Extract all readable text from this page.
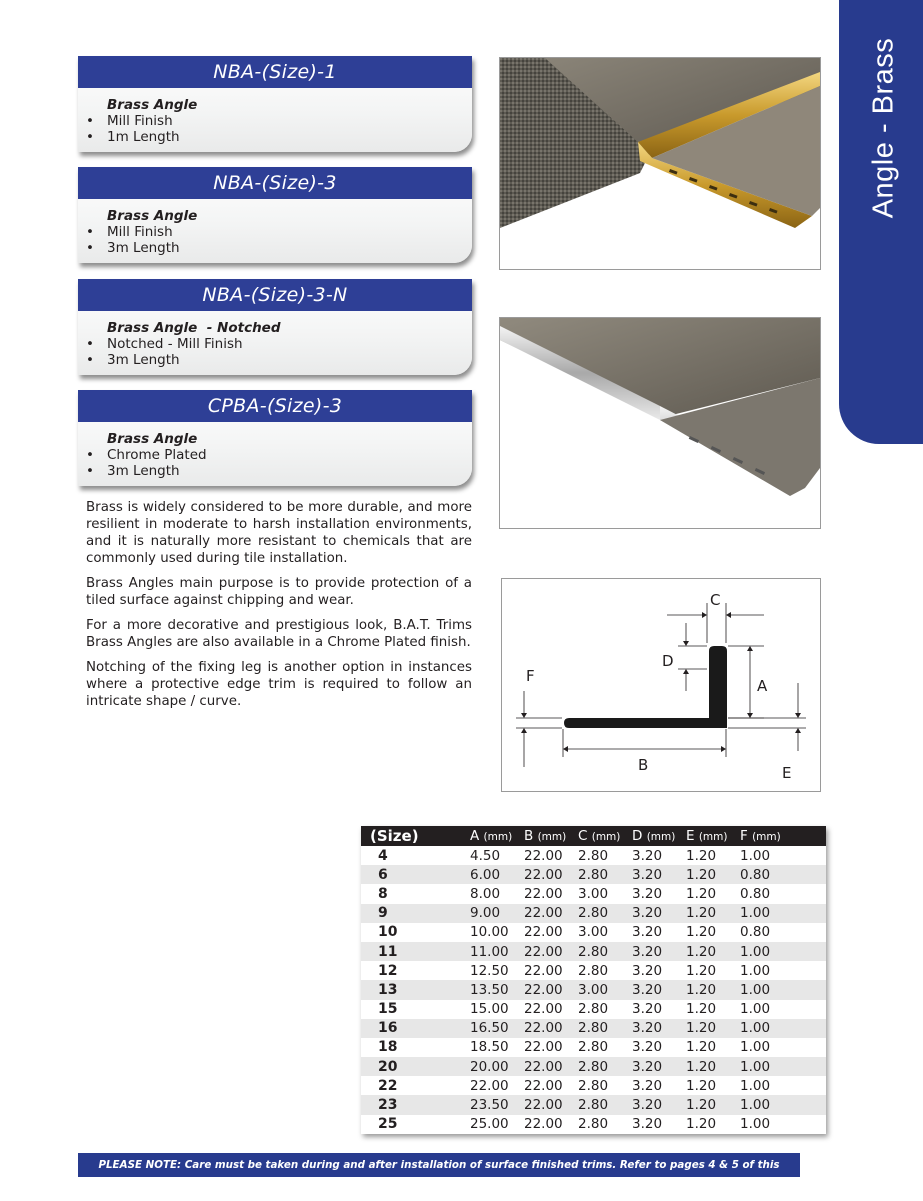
Angle - Brass
NBA-(Size)-1
Brass Angle
• Mill Finish
• 1m Length
NBA-(Size)-3
Brass Angle
• Mill Finish
• 3m Length
NBA-(Size)-3-N
Brass Angle  - Notched
• Notched - Mill Finish
• 3m Length
CPBA-(Size)-3
Brass Angle
• Chrome Plated
• 3m Length

Brass is widely considered to be more durable, and more resilient in moderate to harsh installation environments, and it is naturally more resistant to chemicals that are commonly used during tile installation.

Brass Angles main purpose is to provide protection of a tiled surface against chipping and wear.

For a more decorative and prestigious look, B.A.T. Trims Brass Angles are also available in a Chrome Plated finish.

Notching of the fixing leg is another option in instances where a protective edge trim is required to follow an intricate shape / curve.

C
D
A
F
B	E
(Size)	A (mm)	B (mm)	C (mm)	D (mm)	E (mm)	F (mm)
4	4.50	22.00	2.80	3.20	1.20	1.00
6	6.00	22.00	2.80	3.20	1.20	0.80
8	8.00	22.00	3.00	3.20	1.20	0.80
9	9.00	22.00	2.80	3.20	1.20	1.00
10	10.00	22.00	3.00	3.20	1.20	0.80
11	11.00	22.00	2.80	3.20	1.20	1.00
12	12.50	22.00	2.80	3.20	1.20	1.00
13	13.50	22.00	3.00	3.20	1.20	1.00
15	15.00	22.00	2.80	3.20	1.20	1.00
16	16.50	22.00	2.80	3.20	1.20	1.00
18	18.50	22.00	2.80	3.20	1.20	1.00
20	20.00	22.00	2.80	3.20	1.20	1.00
22	22.00	22.00	2.80	3.20	1.20	1.00
23	23.50	22.00	2.80	3.20	1.20	1.00
25	25.00	22.00	2.80	3.20	1.20	1.00
PLEASE NOTE: Care must be taken during and after installation of surface finished trims. Refer to pages 4 & 5 of this catalogue
